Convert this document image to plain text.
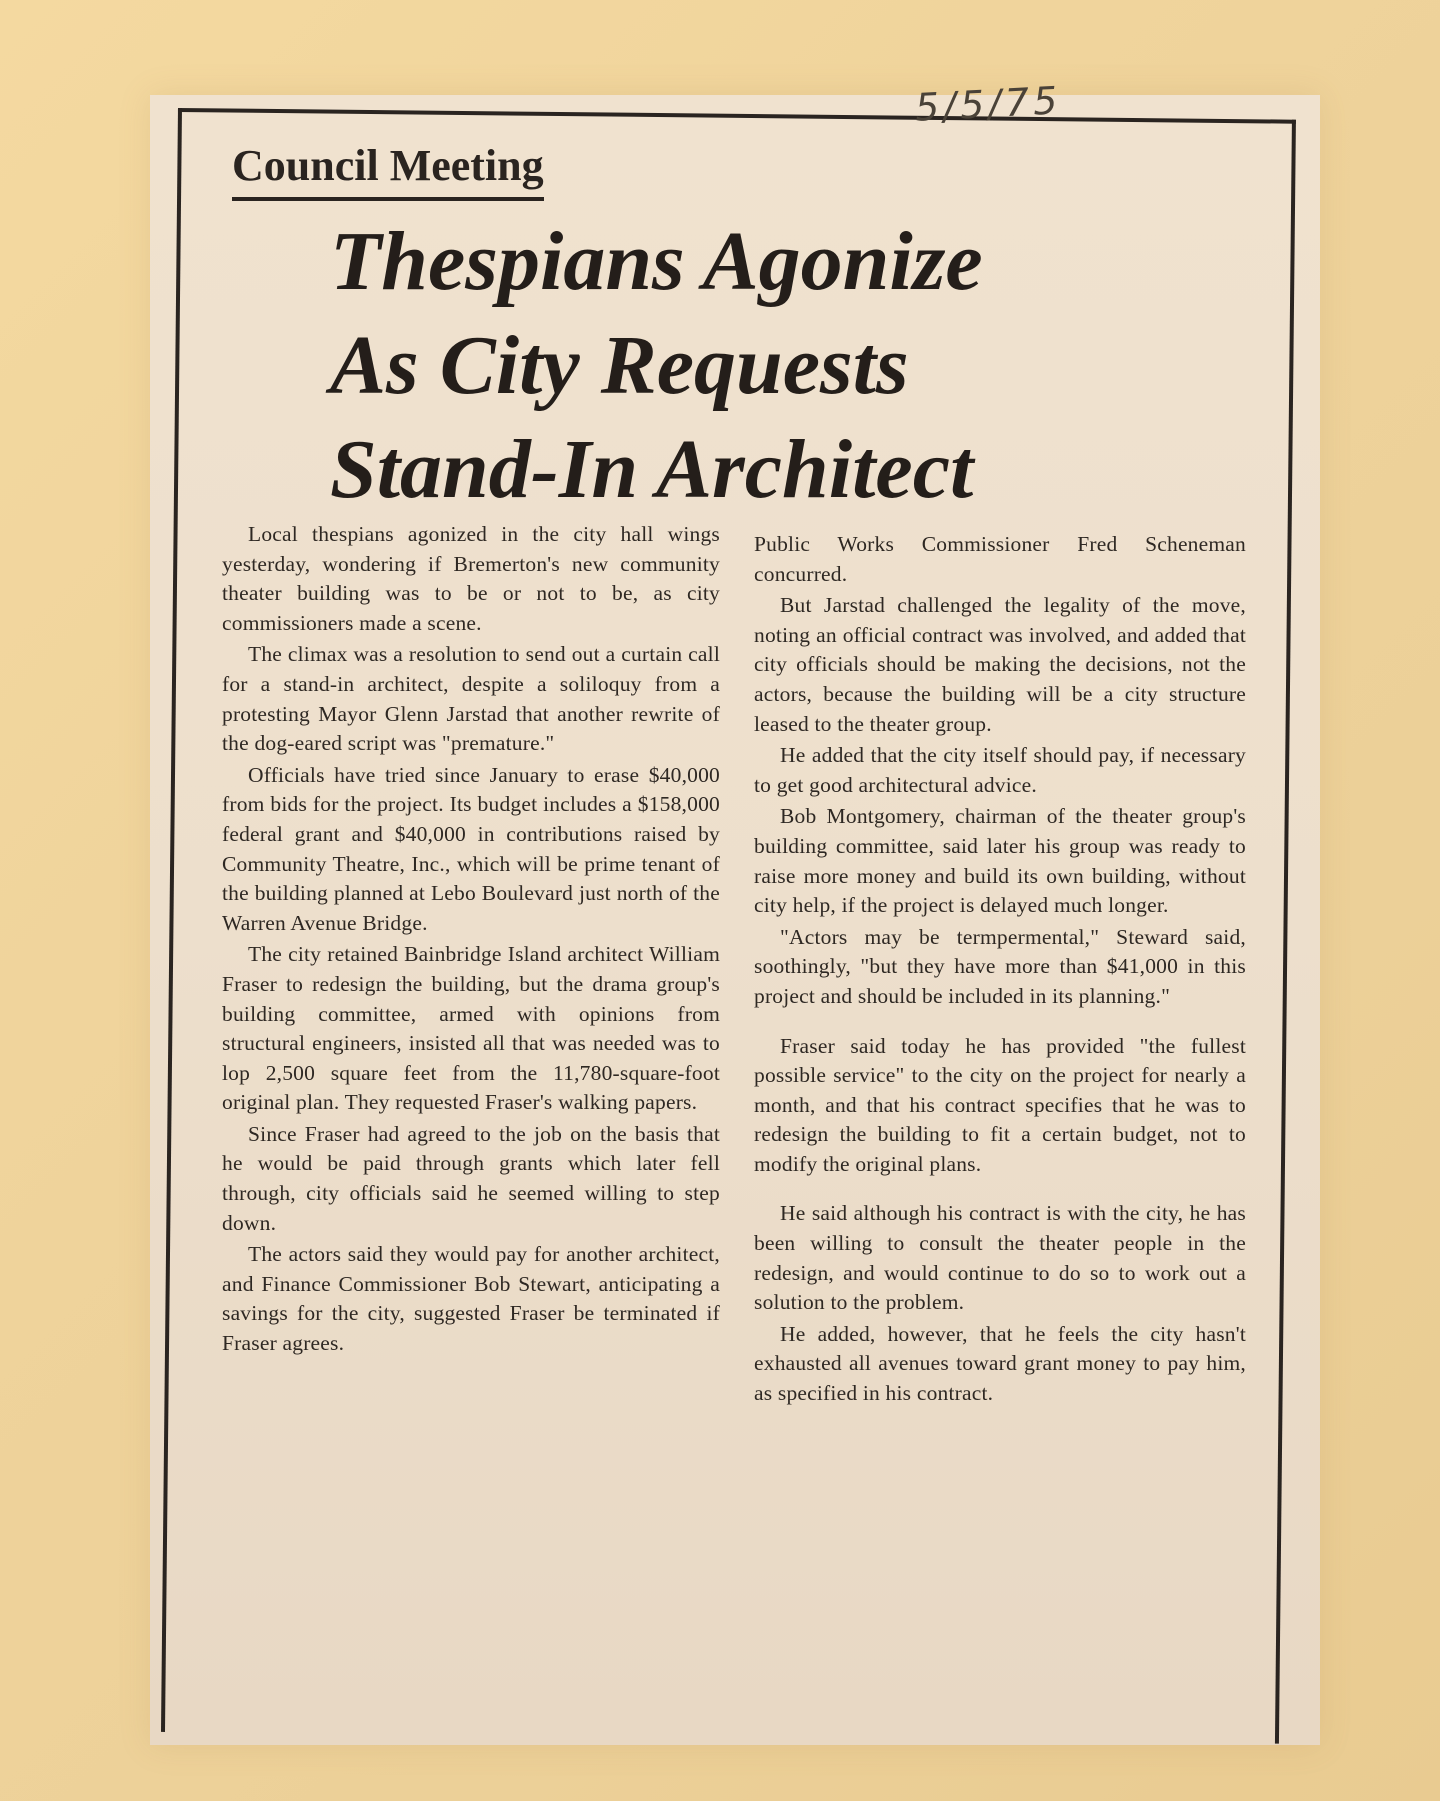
5/5/75
Council Meeting
Thespians Agonize
As City Requests
Stand-In Architect

Local thespians agonized in the city hall wings yesterday, wondering if Bremerton's new community theater building was to be or not to be, as city commissioners made a scene.

The climax was a resolution to send out a curtain call for a stand-in architect, despite a soliloquy from a protesting Mayor Glenn Jarstad that another rewrite of the dog-eared script was "premature."

Officials have tried since January to erase $40,000 from bids for the project. Its budget includes a $158,000 federal grant and $40,000 in contributions raised by Community Theatre, Inc., which will be prime tenant of the building planned at Lebo Boulevard just north of the Warren Avenue Bridge.

The city retained Bainbridge Island architect William Fraser to redesign the building, but the drama group's building committee, armed with opinions from structural engineers, insisted all that was needed was to lop 2,500 square feet from the 11,780-square-foot original plan. They requested Fraser's walking papers.

Since Fraser had agreed to the job on the basis that he would be paid through grants which later fell through, city officials said he seemed willing to step down.

The actors said they would pay for another architect, and Finance Commissioner Bob Stewart, anticipating a savings for the city, suggested Fraser be terminated if Fraser agrees.

Public Works Commissioner Fred Scheneman concurred.

But Jarstad challenged the legality of the move, noting an official contract was involved, and added that city officials should be making the decisions, not the actors, because the building will be a city structure leased to the theater group.

He added that the city itself should pay, if necessary to get good architectural advice.

Bob Montgomery, chairman of the theater group's building committee, said later his group was ready to raise more money and build its own building, without city help, if the project is delayed much longer.

"Actors may be termpermental," Steward said, soothingly, "but they have more than $41,000 in this project and should be included in its planning."

Fraser said today he has provided "the fullest possible service" to the city on the project for nearly a month, and that his contract specifies that he was to redesign the building to fit a certain budget, not to modify the original plans.

He said although his contract is with the city, he has been willing to consult the theater people in the redesign, and would continue to do so to work out a solution to the problem.

He added, however, that he feels the city hasn't exhausted all avenues toward grant money to pay him, as specified in his contract.
